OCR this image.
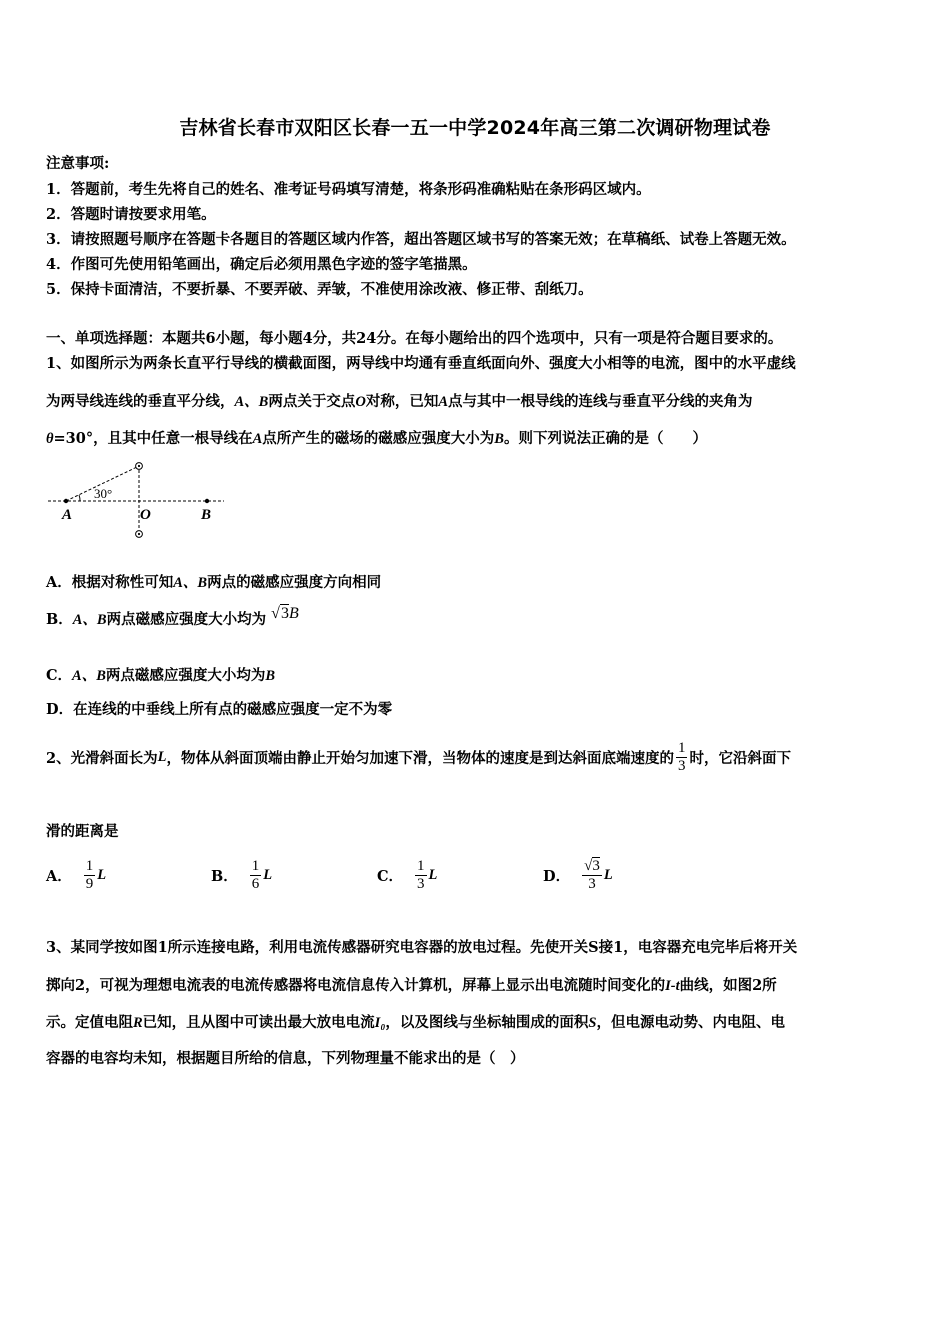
吉林省长春市双阳区长春一五一中学2024年高三第二次调研物理试卷
注意事项:
1．答题前，考生先将自己的姓名、准考证号码填写清楚，将条形码准确粘贴在条形码区域内。
2．答题时请按要求用笔。
3．请按照题号顺序在答题卡各题目的答题区域内作答，超出答题区域书写的答案无效；在草稿纸、试卷上答题无效。
4．作图可先使用铅笔画出，确定后必须用黑色字迹的签字笔描黑。
5．保持卡面清洁，不要折暴、不要弄破、弄皱，不准使用涂改液、修正带、刮纸刀。
一、单项选择题：本题共6小题，每小题4分，共24分。在每小题给出的四个选项中，只有一项是符合题目要求的。
1、如图所示为两条长直平行导线的横截面图，两导线中均通有垂直纸面向外、强度大小相等的电流，图中的水平虚线
为两导线连线的垂直平分线，A、B两点关于交点O对称，已知A点与其中一根导线的连线与垂直平分线的夹角为
θ=30°，且其中任意一根导线在A点所产生的磁场的磁感应强度大小为B。则下列说法正确的是（　　）
30°
A	O	B
A．根据对称性可知A、B两点的磁感应强度方向相同
B．A、B两点磁感应强度大小均为 √3B
C．A、B两点磁感应强度大小均为B
D．在连线的中垂线上所有点的磁感应强度一定不为零
2、光滑斜面长为 L ，物体从斜面顶端由静止开始匀加速下滑，当物体的速度是到达斜面底端速度的 $\frac{1}{3}$ 时，它沿斜面下
滑的距离是
A． $\frac{1}{9}$ L	B． $\frac{1}{6}$ L	C． $\frac{1}{3}$ L	D． $\frac{√3}{3}$ L
3、某同学按如图1所示连接电路，利用电流传感器研究电容器的放电过程。先使开关S接1，电容器充电完毕后将开关
掷向2，可视为理想电流表的电流传感器将电流信息传入计算机，屏幕上显示出电流随时间变化的I-t曲线，如图2所
示。定值电阻R已知，且从图中可读出最大放电电流I₀，以及图线与坐标轴围成的面积S，但电源电动势、内电阻、电
容器的电容均未知，根据题目所给的信息，下列物理量不能求出的是（　）
